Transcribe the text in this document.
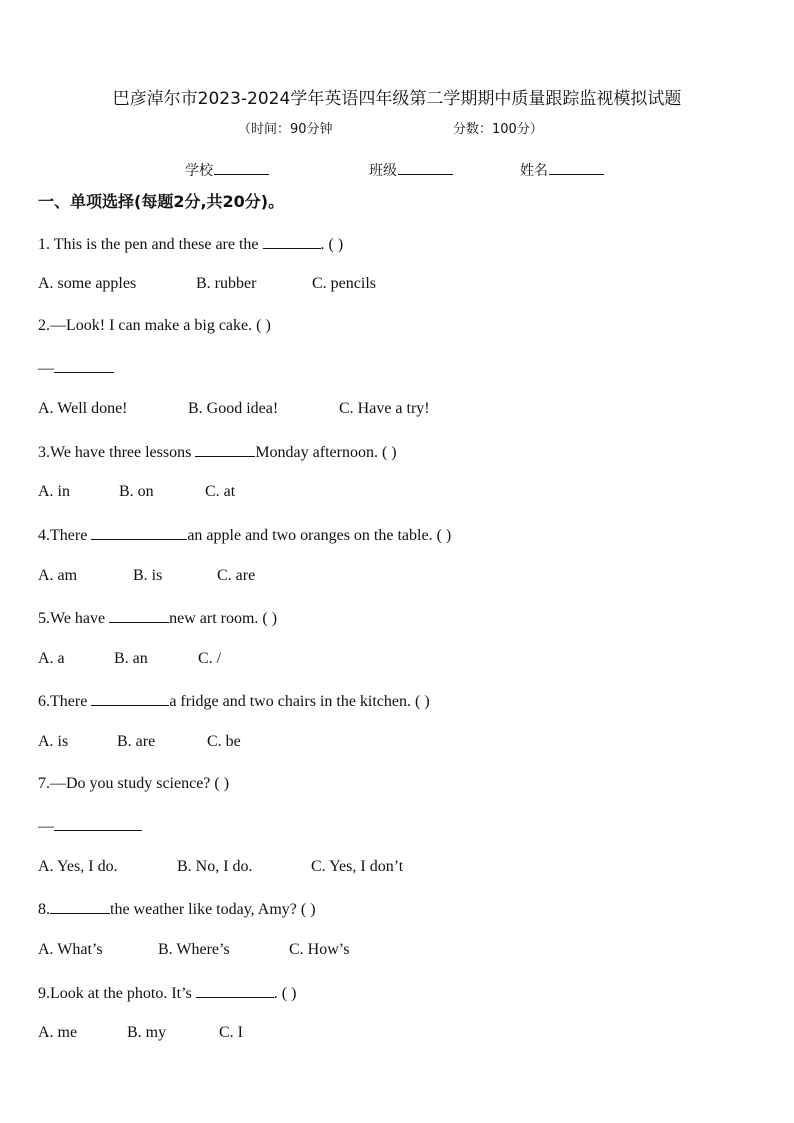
巴彦淖尔市2023-2024学年英语四年级第二学期期中质量跟踪监视模拟试题
（时间：90分钟	分数：100分）
学校	班级	姓名
一、单项选择(每题2分,共20分)。
1. This is the pen and these are the	. ( )
A. some apples	B. rubber	C. pencils
2.—Look! I can make a big cake. ( )
—
A. Well done!	B. Good idea!	C. Have a try!
3.We have three lessons	Monday afternoon. ( )
A. in	B. on	C. at
4.There	an apple and two oranges on the table. ( )
A. am	B. is	C. are
5.We have	new art room. ( )
A. a	B. an	C. /
6.There	a fridge and two chairs in the kitchen. ( )
A. is	B. are	C. be
7.—Do you study science? ( )
—
A. Yes, I do.	B. No, I do.	C. Yes, I don’t
8.	the weather like today, Amy? ( )
A. What’s	B. Where’s	C. How’s
9.Look at the photo. It’s	. ( )
A. me	B. my	C. I
